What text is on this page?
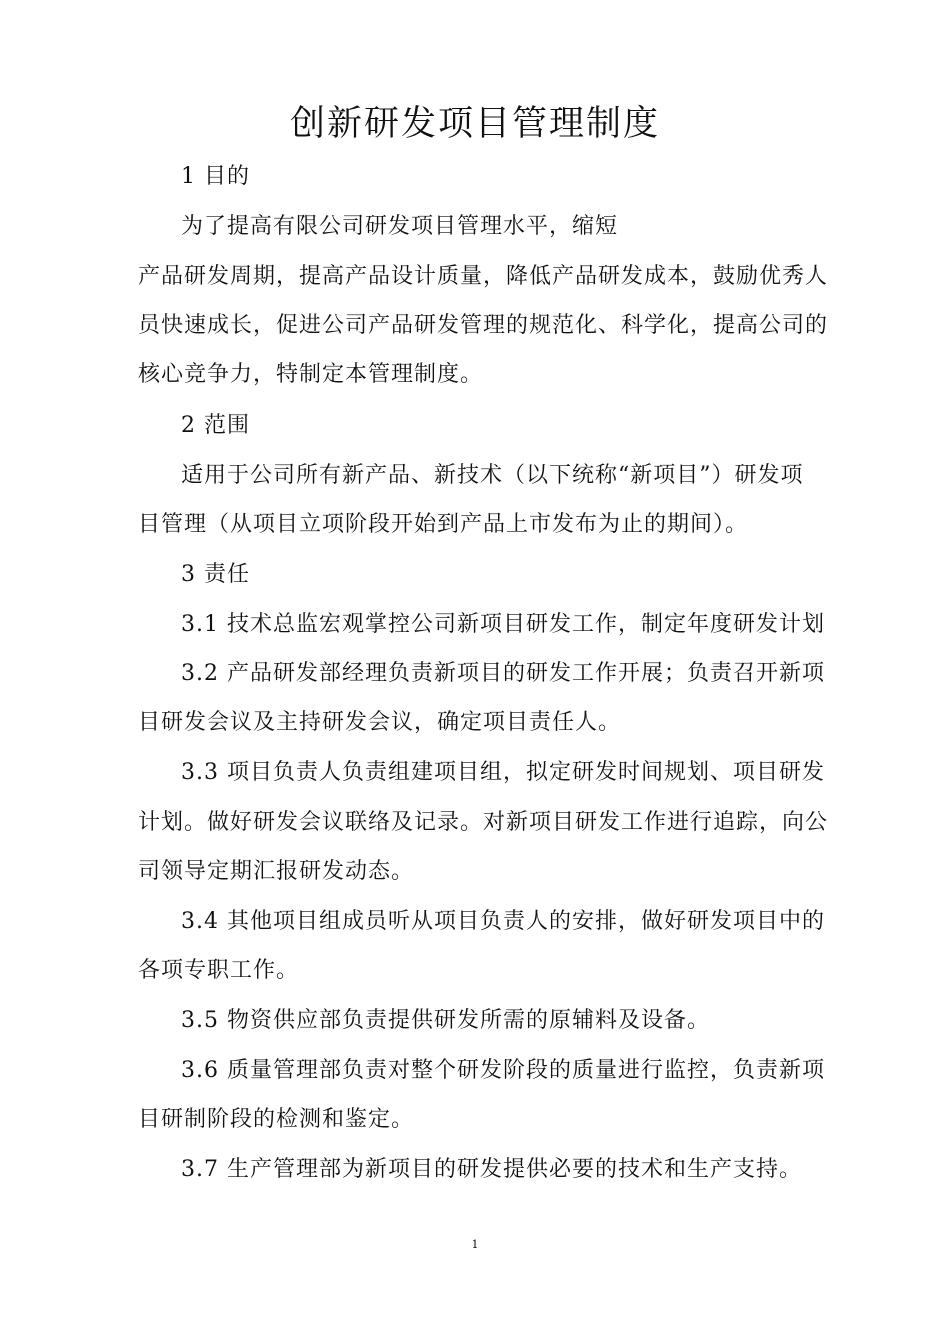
创新研发项目管理制度
1 目的
为了提高有限公司研发项目管理水平，缩短
产品研发周期，提高产品设计质量，降低产品研发成本，鼓励优秀人
员快速成长，促进公司产品研发管理的规范化、科学化，提高公司的
核心竞争力，特制定本管理制度。
2 范围
适用于公司所有新产品、新技术（以下统称“新项目”）研发项
目管理（从项目立项阶段开始到产品上市发布为止的期间）。
3 责任
3.1 技术总监宏观掌控公司新项目研发工作，制定年度研发计划
3.2 产品研发部经理负责新项目的研发工作开展；负责召开新项
目研发会议及主持研发会议，确定项目责任人。
3.3 项目负责人负责组建项目组，拟定研发时间规划、项目研发
计划。做好研发会议联络及记录。对新项目研发工作进行追踪，向公
司领导定期汇报研发动态。
3.4 其他项目组成员听从项目负责人的安排，做好研发项目中的
各项专职工作。
3.5 物资供应部负责提供研发所需的原辅料及设备。
3.6 质量管理部负责对整个研发阶段的质量进行监控，负责新项
目研制阶段的检测和鉴定。
3.7 生产管理部为新项目的研发提供必要的技术和生产支持。
1
